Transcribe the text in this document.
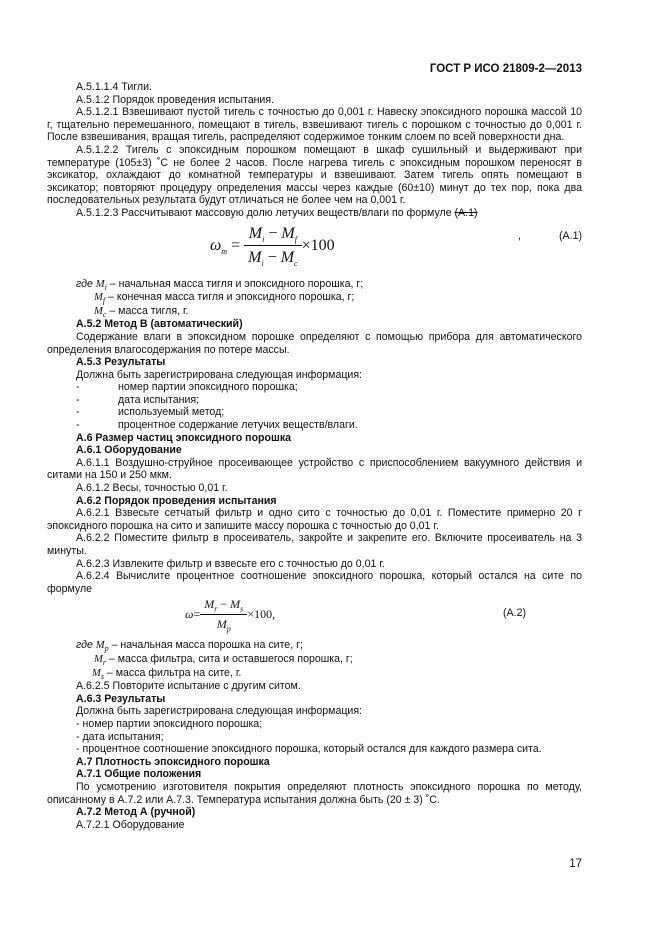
ГОСТ Р ИСО 21809-2—2013

А.5.1.1.4 Тигли.

А.5.1.2 Порядок проведения испытания.

А.5.1.2.1 Взвешивают пустой тигель с точностью до 0,001 г. Навеску эпоксидного порошка массой 10 г, тщательно перемешанного, помещают в тигель, взвешивают тигель с порошком с точностью до 0,001 г. После взвешивания, вращая тигель, распределяют содержимое тонким слоем по всей поверхности дна.

А.5.1.2.2 Тигель с эпоксидным порошком помещают в шкаф сушильный и выдерживают при температуре (105±3) ˚С не более 2 часов. После нагрева тигель с эпоксидным порошком переносят в эксикатор, охлаждают до комнатной температуры и взвешивают. Затем тигель опять помещают в эксикатор; повторяют процедуру определения массы через каждые (60±10) минут до тех пор, пока два последовательных результата будут отличаться не более чем на 0,001 г.

А.5.1.2.3 Рассчитывают массовую долю летучих веществ/влаги по формуле (А.1)

$\omega_m = \frac{M_i - M_f}{M_i - M_c} \times 100$
,	(А.1)
где $M_i$ – начальная масса тигля и эпоксидного порошка, г;
$M_f$ – конечная масса тигля и эпоксидного порошка, г;
$M_c$ – масса тигля, г.

А.5.2 Метод В (автоматический)

Содержание влаги в эпоксидном порошке определяют с помощью прибора для автоматического определения влагосодержания по потере массы.

А.5.3 Результаты

Должна быть зарегистрирована следующая информация:

-	номер партии эпоксидного порошка;
-	дата испытания;
-	используемый метод;
-	процентное содержание летучих веществ/влаги.

А.6 Размер частиц эпоксидного порошка

А.6.1 Оборудование

А.6.1.1 Воздушно-струйное просеивающее устройство с приспособлением вакуумного действия и ситами на 150 и 250 мкм.

А.6.1.2 Весы, точностью 0,01 г.

А.6.2 Порядок проведения испытания

А.6.2.1 Взвесьте сетчатый фильтр и одно сито с точностью до 0,01 г. Поместите примерно 20 г эпоксидного порошка на сито и запишите массу порошка с точностью до 0,01 г.

А.6.2.2 Поместите фильтр в просеиватель, закройте и закрепите его. Включите просеиватель на 3 минуты.

А.6.2.3 Извлеките фильтр и взвесьте его с точностью до 0,01 г.

А.6.2.4 Вычислите процентное соотношение эпоксидного порошка, который остался на сите по формуле

$\omega = \frac{M_r - M_s}{M_p} \times 100$ ,	(А.2)
где $M_p$ – начальная масса порошка на сите, г;
$M_r$ – масса фильтра, сита и оставшегося порошка, г;
$M_s$ – масса фильтра на сите, г.

А.6.2.5 Повторите испытание с другим ситом.

А.6.3 Результаты

Должна быть зарегистрирована следующая информация:

- номер партии эпоксидного порошка;
- дата испытания;
- процентное соотношение эпоксидного порошка, который остался для каждого размера сита.

А.7 Плотность эпоксидного порошка

А.7.1 Общие положения

По усмотрению изготовителя покрытия определяют плотность эпоксидного порошка по методу, описанному в А.7.2 или А.7.3. Температура испытания должна быть (20 ± 3) ˚С.

А.7.2 Метод А (ручной)

А.7.2.1 Оборудование

17
